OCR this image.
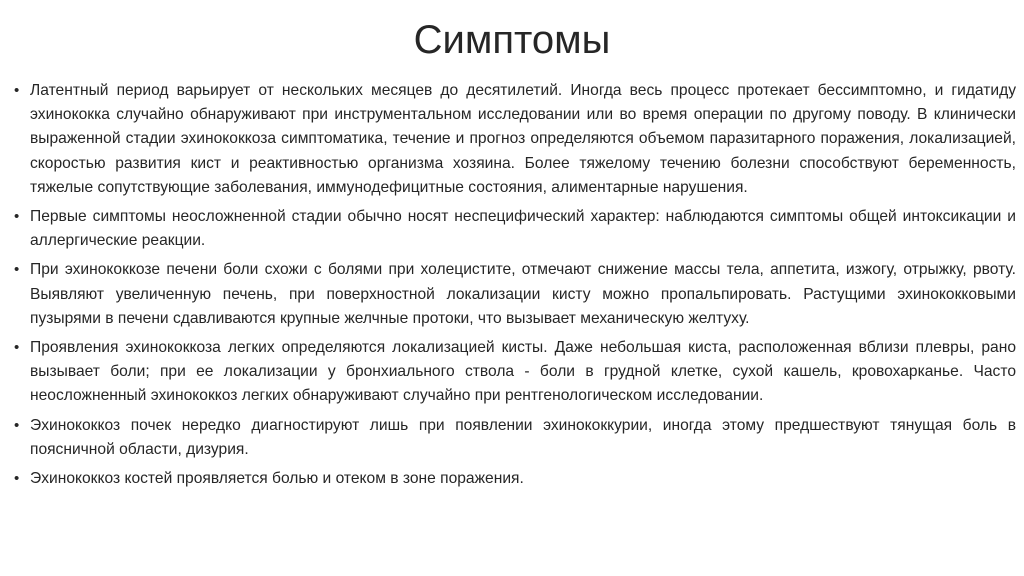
Симптомы
• Латентный период варьирует от нескольких месяцев до десятилетий. Иногда весь процесс протекает бессимптомно, и гидатиду эхинококка случайно обнаруживают при инструментальном исследовании или во время операции по другому поводу. В клинически выраженной стадии эхинококкоза симптоматика, течение и прогноз определяются объемом паразитарного поражения, локализацией, скоростью развития кист и реактивностью организма хозяина. Более тяжелому течению болезни способствуют беременность, тяжелые сопутствующие заболевания, иммунодефицитные состояния, алиментарные нарушения.
• Первые симптомы неосложненной стадии обычно носят неспецифический характер: наблюдаются симптомы общей интоксикации и аллергические реакции.
• При эхинококкозе печени боли схожи с болями при холецистите, отмечают снижение массы тела, аппетита, изжогу, отрыжку, рвоту. Выявляют увеличенную печень, при поверхностной локализации кисту можно пропальпировать. Растущими эхинококковыми пузырями в печени сдавливаются крупные желчные протоки, что вызывает механическую желтуху.
• Проявления эхинококкоза легких определяются локализацией кисты. Даже небольшая киста, расположенная вблизи плевры, рано вызывает боли; при ее локализации у бронхиального ствола - боли в грудной клетке, сухой кашель, кровохарканье. Часто неосложненный эхинококкоз легких обнаруживают случайно при рентгенологическом исследовании.
• Эхинококкоз почек нередко диагностируют лишь при появлении эхинококкурии, иногда этому предшествуют тянущая боль в поясничной области, дизурия.
• Эхинококкоз костей проявляется болью и отеком в зоне поражения.
